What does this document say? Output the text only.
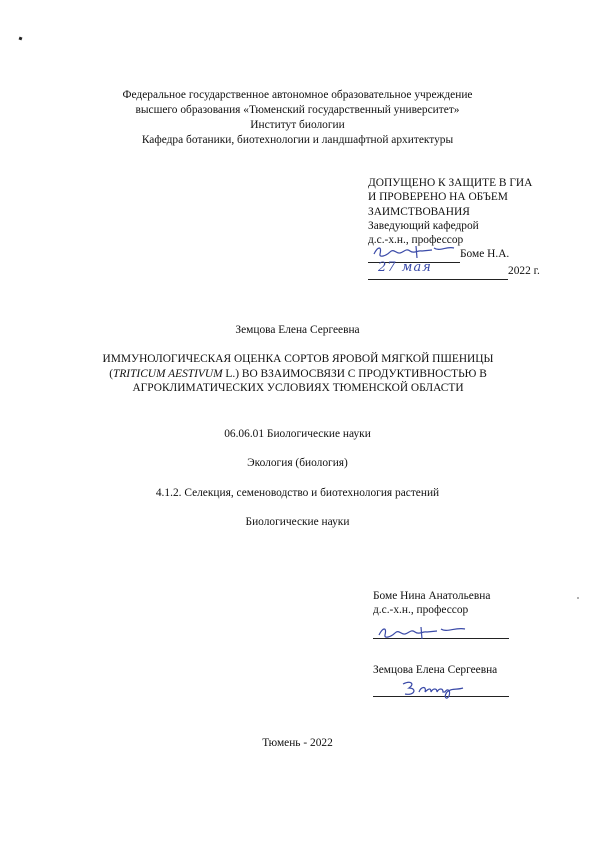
Федеральное государственное автономное образовательное учреждение
высшего образования «Тюменский государственный университет»
Институт биологии
Кафедра ботаники, биотехнологии и ландшафтной архитектуры
ДОПУЩЕНО К ЗАЩИТЕ В ГИА
И ПРОВЕРЕНО НА ОБЪЕМ
ЗАИМСТВОВАНИЯ
Заведующий кафедрой
д.с.-х.н., профессор
Боме Н.А.
2022 г.
27 мая
Земцова Елена Сергеевна
ИММУНОЛОГИЧЕСКАЯ ОЦЕНКА СОРТОВ ЯРОВОЙ МЯГКОЙ ПШЕНИЦЫ
(TRITICUM AESTIVUM L.) ВО ВЗАИМОСВЯЗИ С ПРОДУКТИВНОСТЬЮ В
АГРОКЛИМАТИЧЕСКИХ УСЛОВИЯХ ТЮМЕНСКОЙ ОБЛАСТИ
06.06.01 Биологические науки
Экология (биология)
4.1.2. Селекция, семеноводство и биотехнология растений
Биологические науки
Боме Нина Анатольевна
д.с.-х.н., профессор
Земцова Елена Сергеевна
Тюмень - 2022
